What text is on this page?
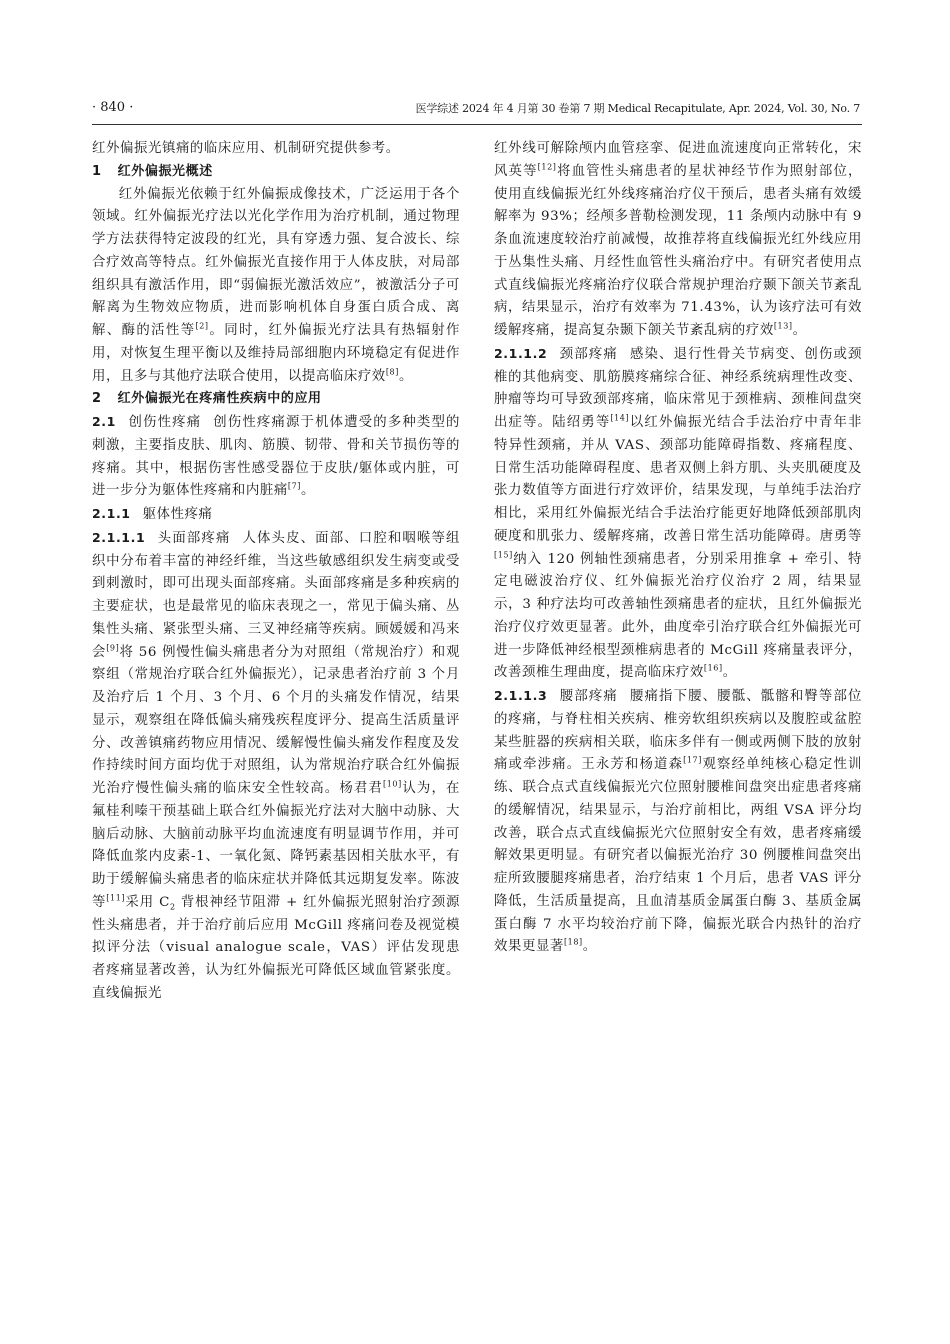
· 840 ·	医学综述 2024 年 4 月第 30 卷第 7 期 Medical Recapitulate, Apr. 2024, Vol. 30, No. 7

红外偏振光镇痛的临床应用、机制研究提供参考。

1 红外偏振光概述

红外偏振光依赖于红外偏振成像技术，广泛运用于各个领域。红外偏振光疗法以光化学作用为治疗机制，通过物理学方法获得特定波段的红光，具有穿透力强、复合波长、综合疗效高等特点。红外偏振光直接作用于人体皮肤，对局部组织具有激活作用，即“弱偏振光激活效应”，被激活分子可解离为生物效应物质，进而影响机体自身蛋白质合成、离解、酶的活性等[2]。同时，红外偏振光疗法具有热辐射作用，对恢复生理平衡以及维持局部细胞内环境稳定有促进作用，且多与其他疗法联合使用，以提高临床疗效[8]。

2 红外偏振光在疼痛性疾病中的应用

2.1 创伤性疼痛 创伤性疼痛源于机体遭受的多种类型的刺激，主要指皮肤、肌肉、筋膜、韧带、骨和关节损伤等的疼痛。其中，根据伤害性感受器位于皮肤/躯体或内脏，可进一步分为躯体性疼痛和内脏痛[7]。

2.1.1 躯体性疼痛

2.1.1.1 头面部疼痛 人体头皮、面部、口腔和咽喉等组织中分布着丰富的神经纤维，当这些敏感组织发生病变或受到刺激时，即可出现头面部疼痛。头面部疼痛是多种疾病的主要症状，也是最常见的临床表现之一，常见于偏头痛、丛集性头痛、紧张型头痛、三叉神经痛等疾病。顾媛媛和冯来会[9]将 56 例慢性偏头痛患者分为对照组（常规治疗）和观察组（常规治疗联合红外偏振光），记录患者治疗前 3 个月及治疗后 1 个月、3 个月、6 个月的头痛发作情况，结果显示，观察组在降低偏头痛残疾程度评分、提高生活质量评分、改善镇痛药物应用情况、缓解慢性偏头痛发作程度及发作持续时间方面均优于对照组，认为常规治疗联合红外偏振光治疗慢性偏头痛的临床安全性较高。杨君君[10]认为，在氟桂利嗪干预基础上联合红外偏振光疗法对大脑中动脉、大脑后动脉、大脑前动脉平均血流速度有明显调节作用，并可降低血浆内皮素-1、一氧化氮、降钙素基因相关肽水平，有助于缓解偏头痛患者的临床症状并降低其远期复发率。陈波等[11]采用 $C_2$ 背根神经节阻滞 + 红外偏振光照射治疗颈源性头痛患者，并于治疗前后应用 McGill 疼痛问卷及视觉模拟评分法（visual analogue scale，VAS）评估发现患者疼痛显著改善，认为红外偏振光可降低区域血管紧张度。直线偏振光

红外线可解除颅内血管痉挛、促进血流速度向正常转化，宋风英等[12]将血管性头痛患者的星状神经节作为照射部位，使用直线偏振光红外线疼痛治疗仪干预后，患者头痛有效缓解率为 93%；经颅多普勒检测发现，11 条颅内动脉中有 9 条血流速度较治疗前减慢，故推荐将直线偏振光红外线应用于丛集性头痛、月经性血管性头痛治疗中。有研究者使用点式直线偏振光疼痛治疗仪联合常规护理治疗颞下颌关节紊乱病，结果显示，治疗有效率为 71.43%，认为该疗法可有效缓解疼痛，提高复杂颞下颌关节紊乱病的疗效[13]。

2.1.1.2 颈部疼痛 感染、退行性骨关节病变、创伤或颈椎的其他病变、肌筋膜疼痛综合征、神经系统病理性改变、肿瘤等均可导致颈部疼痛，临床常见于颈椎病、颈椎间盘突出症等。陆绍勇等[14]以红外偏振光结合手法治疗中青年非特异性颈痛，并从 VAS、颈部功能障碍指数、疼痛程度、日常生活功能障碍程度、患者双侧上斜方肌、头夹肌硬度及张力数值等方面进行疗效评价，结果发现，与单纯手法治疗相比，采用红外偏振光结合手法治疗能更好地降低颈部肌肉硬度和肌张力、缓解疼痛，改善日常生活功能障碍。唐勇等[15]纳入 120 例轴性颈痛患者，分别采用推拿 + 牵引、特定电磁波治疗仪、红外偏振光治疗仪治疗 2 周，结果显示，3 种疗法均可改善轴性颈痛患者的症状，且红外偏振光治疗仪疗效更显著。此外，曲度牵引治疗联合红外偏振光可进一步降低神经根型颈椎病患者的 McGill 疼痛量表评分，改善颈椎生理曲度，提高临床疗效[16]。

2.1.1.3 腰部疼痛 腰痛指下腰、腰骶、骶髂和臀等部位的疼痛，与脊柱相关疾病、椎旁软组织疾病以及腹腔或盆腔某些脏器的疾病相关联，临床多伴有一侧或两侧下肢的放射痛或牵涉痛。王永芳和杨道森[17]观察经单纯核心稳定性训练、联合点式直线偏振光穴位照射腰椎间盘突出症患者疼痛的缓解情况，结果显示，与治疗前相比，两组 VSA 评分均改善，联合点式直线偏振光穴位照射安全有效，患者疼痛缓解效果更明显。有研究者以偏振光治疗 30 例腰椎间盘突出症所致腰腿疼痛患者，治疗结束 1 个月后，患者 VAS 评分降低，生活质量提高，且血清基质金属蛋白酶 3、基质金属蛋白酶 7 水平均较治疗前下降，偏振光联合内热针的治疗效果更显著[18]。
